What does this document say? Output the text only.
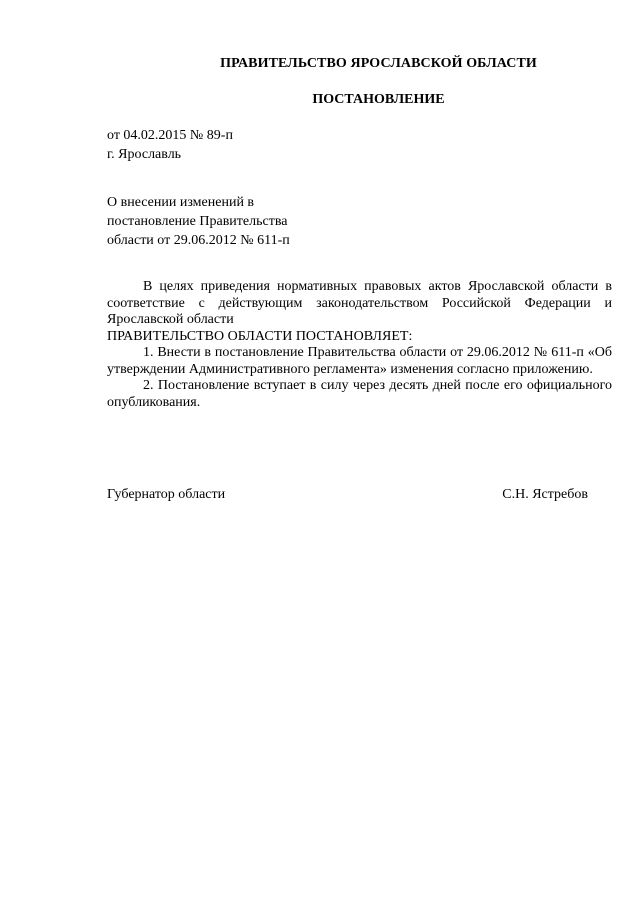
ПРАВИТЕЛЬСТВО ЯРОСЛАВСКОЙ ОБЛАСТИ
ПОСТАНОВЛЕНИЕ
от 04.02.2015 № 89-п
г. Ярославль
О внесении изменений в
постановление Правительства
области от 29.06.2012 № 611-п

В целях приведения нормативных правовых актов Ярославской области в соответствие с действующим законодательством Российской Федерации и Ярославской области

ПРАВИТЕЛЬСТВО ОБЛАСТИ ПОСТАНОВЛЯЕТ:

1. Внести в постановление Правительства области от 29.06.2012 № 611-п «Об утверждении Административного регламента» изменения согласно приложению.

2. Постановление вступает в силу через десять дней после его официального опубликования.

Губернатор области	С.Н. Ястребов
